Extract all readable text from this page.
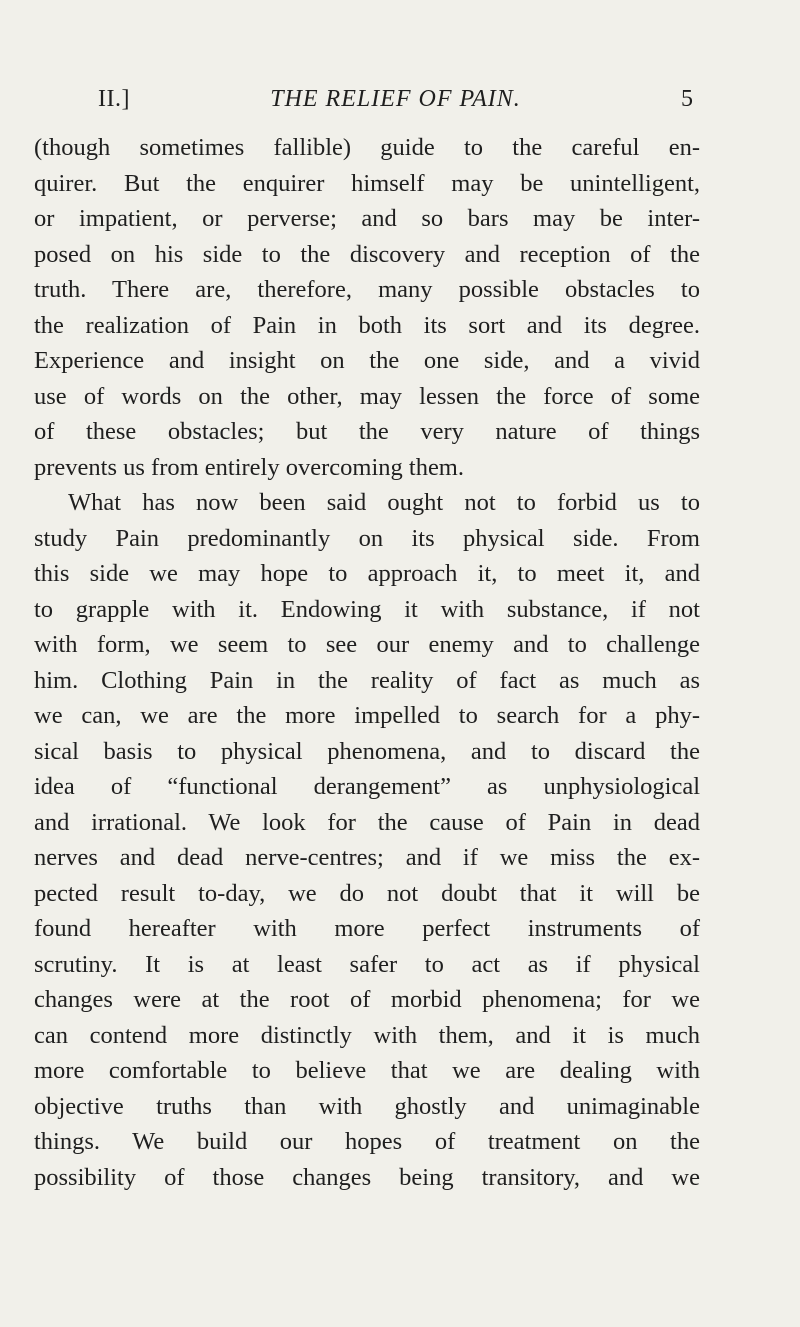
II.]	THE RELIEF OF PAIN.	5
(though sometimes fallible) guide to the careful en-
quirer. But the enquirer himself may be unintelligent,
or impatient, or perverse; and so bars may be inter-
posed on his side to the discovery and reception of the
truth. There are, therefore, many possible obstacles to
the realization of Pain in both its sort and its degree.
Experience and insight on the one side, and a vivid
use of words on the other, may lessen the force of some
of these obstacles; but the very nature of things
prevents us from entirely overcoming them.
What has now been said ought not to forbid us to
study Pain predominantly on its physical side. From
this side we may hope to approach it, to meet it, and
to grapple with it. Endowing it with substance, if not
with form, we seem to see our enemy and to challenge
him. Clothing Pain in the reality of fact as much as
we can, we are the more impelled to search for a phy-
sical basis to physical phenomena, and to discard the
idea of “functional derangement” as unphysiological
and irrational. We look for the cause of Pain in dead
nerves and dead nerve-centres; and if we miss the ex-
pected result to-day, we do not doubt that it will be
found hereafter with more perfect instruments of
scrutiny. It is at least safer to act as if physical
changes were at the root of morbid phenomena; for we
can contend more distinctly with them, and it is much
more comfortable to believe that we are dealing with
objective truths than with ghostly and unimaginable
things. We build our hopes of treatment on the
possibility of those changes being transitory, and we
